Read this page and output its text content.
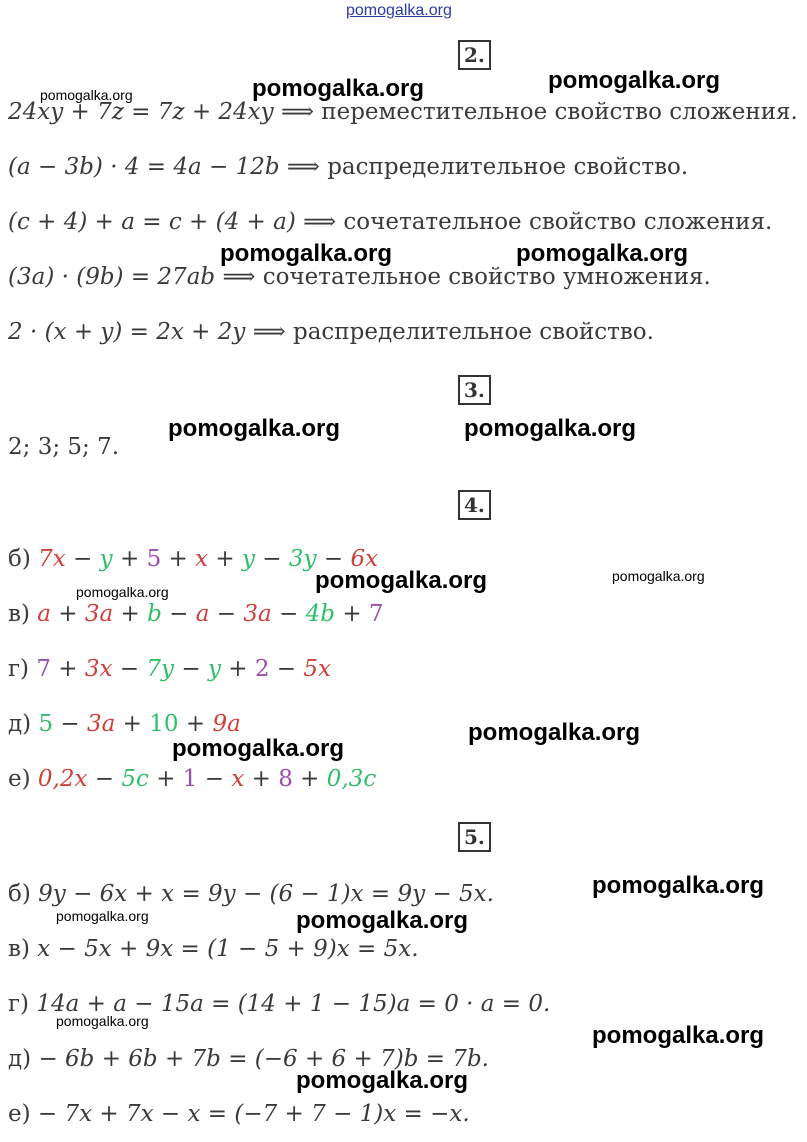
pomogalka.org
2.
24xy + 7z = 7z + 24xy ⟹ переместительное свойство сложения.
(a − 3b) · 4 = 4a − 12b ⟹ распределительное свойство.
(c + 4) + a = c + (4 + a) ⟹ сочетательное свойство сложения.
(3a) · (9b) = 27ab ⟹ сочетательное свойство умножения.
2 · (x + y) = 2x + 2y ⟹ распределительное свойство.
3.
2; 3; 5; 7.
4.
б) 7x − y + 5 + x + y − 3y − 6x
в) a + 3a + b − a − 3a − 4b + 7
г) 7 + 3x − 7y − y + 2 − 5x
д) 5 − 3a + 10 + 9a
е) 0,2x − 5c + 1 − x + 8 + 0,3c
5.
б) 9y − 6x + x = 9y − (6 − 1)x = 9y − 5x.
в) x − 5x + 9x = (1 − 5 + 9)x = 5x.
г) 14a + a − 15a = (14 + 1 − 15)a = 0 · a = 0.
д) − 6b + 6b + 7b = (−6 + 6 + 7)b = 7b.
е) − 7x + 7x − x = (−7 + 7 − 1)x = −x.
pomogalka.org	pomogalka.org
pomogalka.org
pomogalka.org	pomogalka.org
pomogalka.org	pomogalka.org
pomogalka.org
pomogalka.org
pomogalka.org
pomogalka.org
pomogalka.org
pomogalka.org
pomogalka.org
pomogalka.org
pomogalka.org
pomogalka.org
pomogalka.org
